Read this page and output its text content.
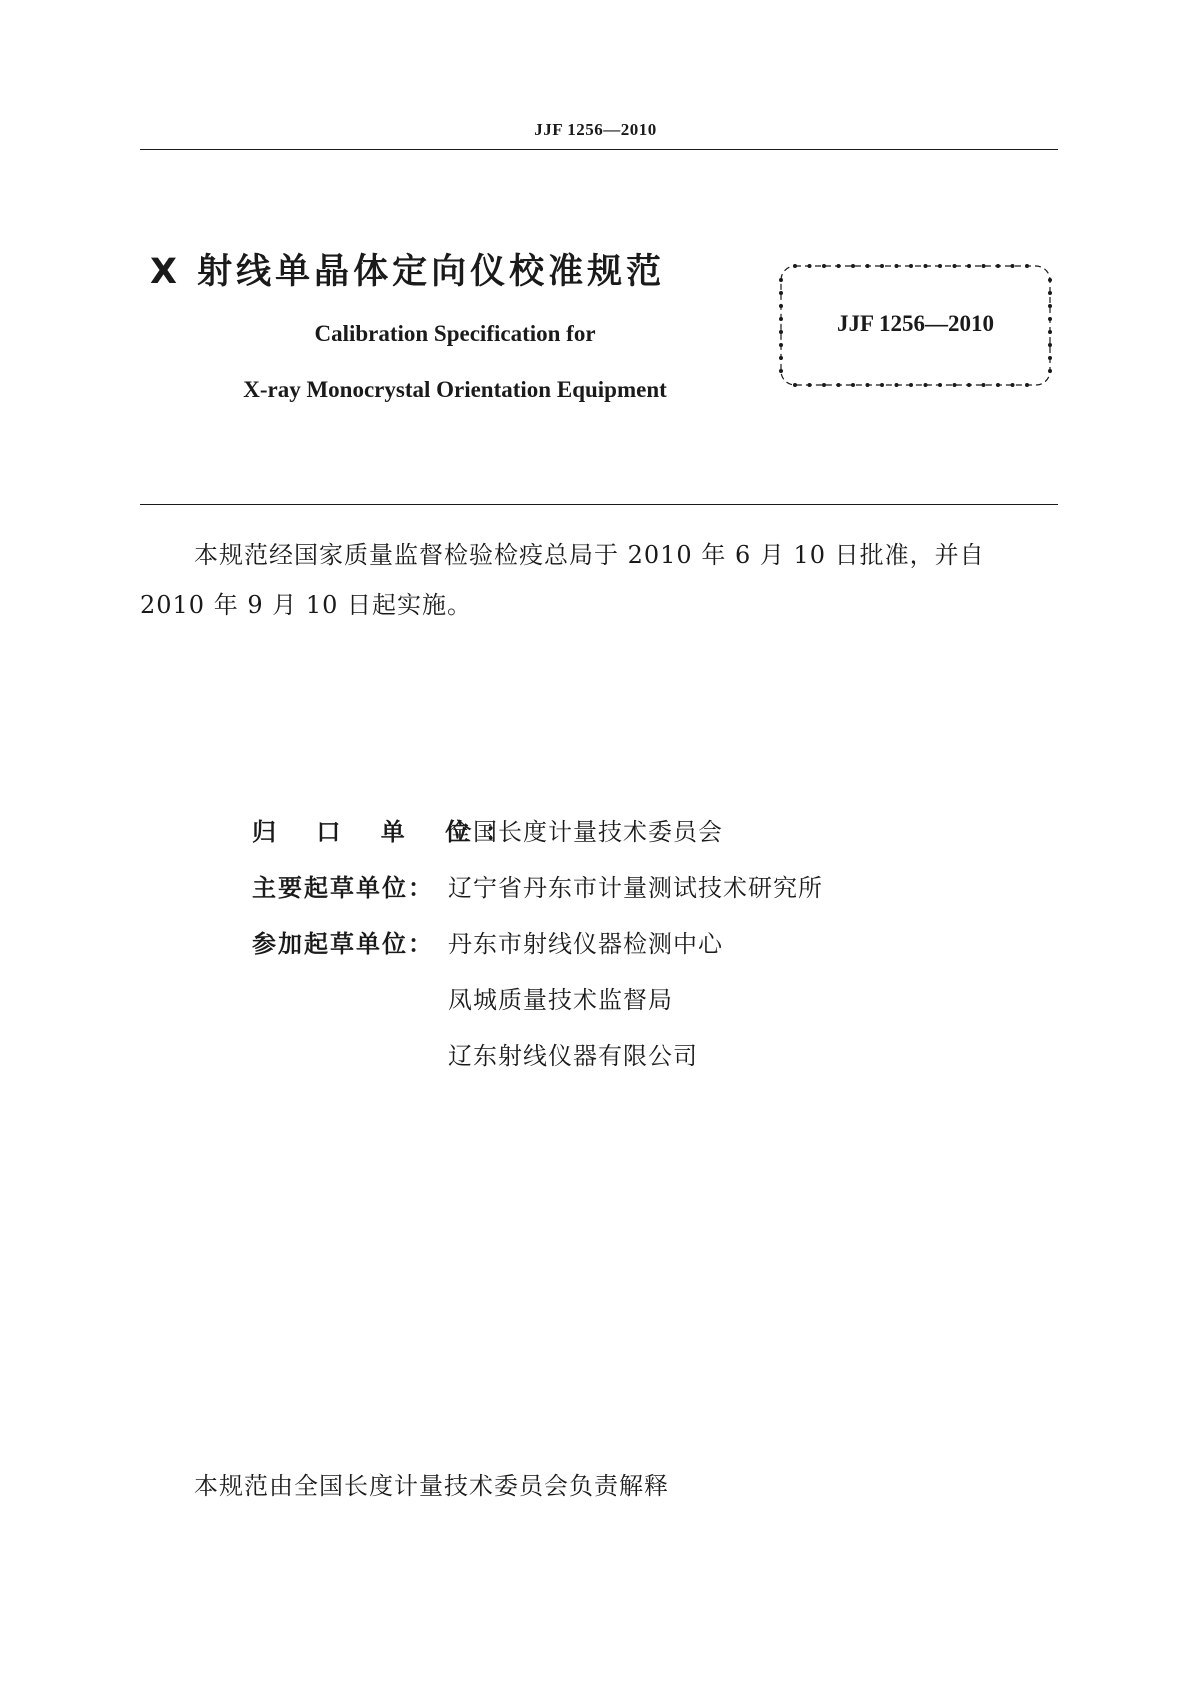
JJF 1256—2010
X 射线单晶体定向仪校准规范
Calibration Specification for
X-ray Monocrystal Orientation Equipment
JJF 1256—2010
本规范经国家质量监督检验检疫总局于 2010 年 6 月 10 日批准，并自 2010 年 9 月 10 日起实施。
归 口 单 位：全国长度计量技术委员会
主要起草单位： 辽宁省丹东市计量测试技术研究所
参加起草单位： 丹东市射线仪器检测中心
凤城质量技术监督局
辽东射线仪器有限公司
本规范由全国长度计量技术委员会负责解释
